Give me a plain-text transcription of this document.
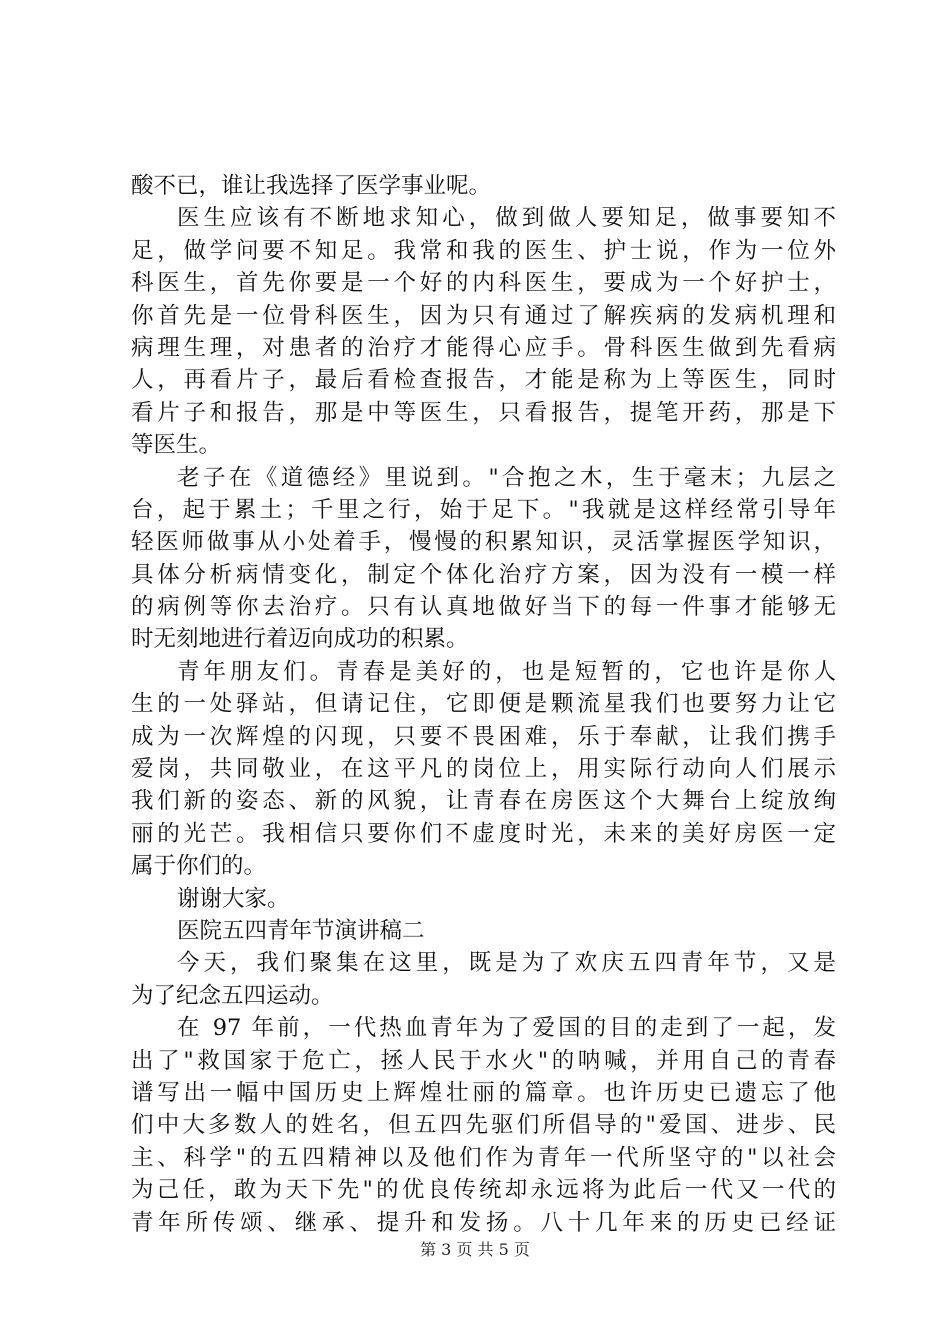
酸不已，谁让我选择了医学事业呢。
医生应该有不断地求知心，做到做人要知足，做事要知不
足，做学问要不知足。我常和我的医生、护士说，作为一位外
科医生，首先你要是一个好的内科医生，要成为一个好护士，
你首先是一位骨科医生，因为只有通过了解疾病的发病机理和
病理生理，对患者的治疗才能得心应手。骨科医生做到先看病
人，再看片子，最后看检查报告，才能是称为上等医生，同时
看片子和报告，那是中等医生，只看报告，提笔开药，那是下
等医生。
老子在《道德经》里说到。"合抱之木，生于毫末；九层之
台，起于累土；千里之行，始于足下。"我就是这样经常引导年
轻医师做事从小处着手，慢慢的积累知识，灵活掌握医学知识，
具体分析病情变化，制定个体化治疗方案，因为没有一模一样
的病例等你去治疗。只有认真地做好当下的每一件事才能够无
时无刻地进行着迈向成功的积累。
青年朋友们。青春是美好的，也是短暂的，它也许是你人
生的一处驿站，但请记住，它即便是颗流星我们也要努力让它
成为一次辉煌的闪现，只要不畏困难，乐于奉献，让我们携手
爱岗，共同敬业，在这平凡的岗位上，用实际行动向人们展示
我们新的姿态、新的风貌，让青春在房医这个大舞台上绽放绚
丽的光芒。我相信只要你们不虚度时光，未来的美好房医一定
属于你们的。
谢谢大家。
医院五四青年节演讲稿二
今天，我们聚集在这里，既是为了欢庆五四青年节，又是
为了纪念五四运动。
在 97 年前，一代热血青年为了爱国的目的走到了一起，发
出了"救国家于危亡，拯人民于水火"的呐喊，并用自己的青春
谱写出一幅中国历史上辉煌壮丽的篇章。也许历史已遗忘了他
们中大多数人的姓名，但五四先驱们所倡导的"爱国、进步、民
主、科学"的五四精神以及他们作为青年一代所坚守的"以社会
为己任，敢为天下先"的优良传统却永远将为此后一代又一代的
青年所传颂、继承、提升和发扬。八十几年来的历史已经证
第 3 页 共 5 页
